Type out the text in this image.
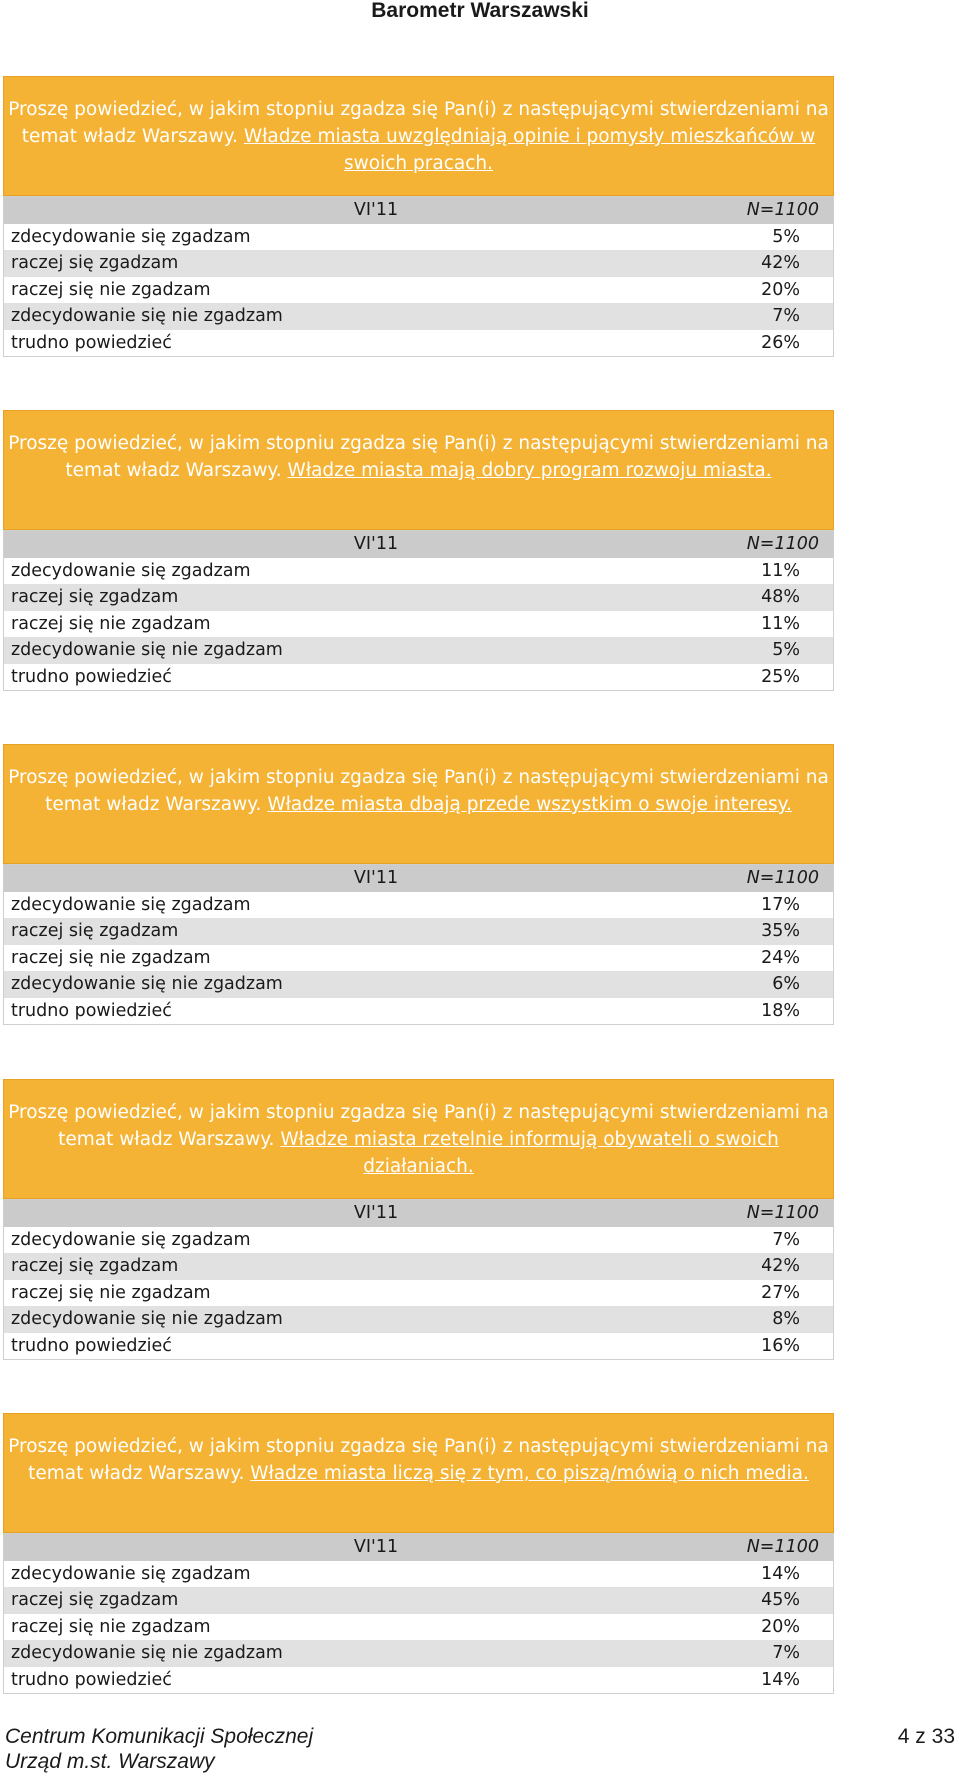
Barometr Warszawski
Proszę powiedzieć, w jakim stopniu zgadza się Pan(i) z następującymi stwierdzeniami na temat władz Warszawy. Władze miasta uwzględniają opinie i pomysły mieszkańców w swoich pracach.
	VI'11	N=1100
zdecydowanie się zgadzam		5%
raczej się zgadzam		42%
raczej się nie zgadzam		20%
zdecydowanie się nie zgadzam		7%
trudno powiedzieć		26%
Proszę powiedzieć, w jakim stopniu zgadza się Pan(i) z następującymi stwierdzeniami na temat władz Warszawy. Władze miasta mają dobry program rozwoju miasta.
	VI'11	N=1100
zdecydowanie się zgadzam		11%
raczej się zgadzam		48%
raczej się nie zgadzam		11%
zdecydowanie się nie zgadzam		5%
trudno powiedzieć		25%
Proszę powiedzieć, w jakim stopniu zgadza się Pan(i) z następującymi stwierdzeniami na temat władz Warszawy. Władze miasta dbają przede wszystkim o swoje interesy.
	VI'11	N=1100
zdecydowanie się zgadzam		17%
raczej się zgadzam		35%
raczej się nie zgadzam		24%
zdecydowanie się nie zgadzam		6%
trudno powiedzieć		18%
Proszę powiedzieć, w jakim stopniu zgadza się Pan(i) z następującymi stwierdzeniami na temat władz Warszawy. Władze miasta rzetelnie informują obywateli o swoich działaniach.
	VI'11	N=1100
zdecydowanie się zgadzam		7%
raczej się zgadzam		42%
raczej się nie zgadzam		27%
zdecydowanie się nie zgadzam		8%
trudno powiedzieć		16%
Proszę powiedzieć, w jakim stopniu zgadza się Pan(i) z następującymi stwierdzeniami na temat władz Warszawy. Władze miasta liczą się z tym, co piszą/mówią o nich media.
	VI'11	N=1100
zdecydowanie się zgadzam		14%
raczej się zgadzam		45%
raczej się nie zgadzam		20%
zdecydowanie się nie zgadzam		7%
trudno powiedzieć		14%
Centrum Komunikacji Społecznej
Urząd m.st. Warszawy
4 z 33
